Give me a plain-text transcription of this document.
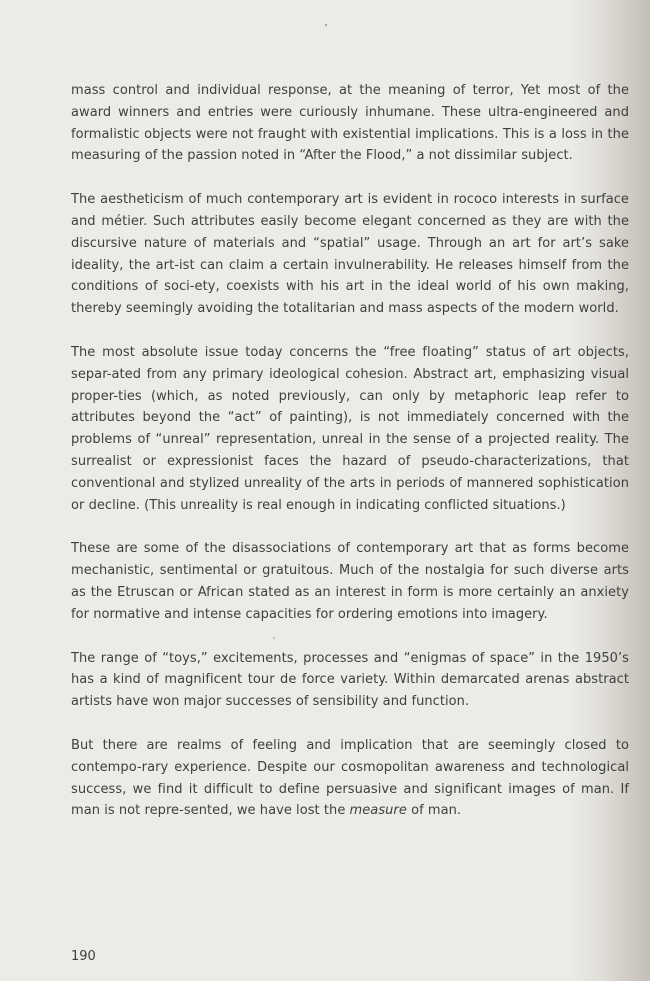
mass control and individual response, at the meaning of terror, Yet most of the award winners and entries were curiously inhumane. These ultra-engineered and formalistic objects were not fraught with existential implications. This is a loss in the measuring of the passion noted in “After the Flood,” a not dissimilar subject.

The aestheticism of much contemporary art is evident in rococo interests in surface and métier. Such attributes easily become elegant concerned as they are with the discursive nature of materials and “spatial” usage. Through an art for art’s sake ideality, the art-ist can claim a certain invulnerability. He releases himself from the conditions of soci-ety, coexists with his art in the ideal world of his own making, thereby seemingly avoiding the totalitarian and mass aspects of the modern world.

The most absolute issue today concerns the “free floating” status of art objects, separ-ated from any primary ideological cohesion. Abstract art, emphasizing visual proper-ties (which, as noted previously, can only by metaphoric leap refer to attributes beyond the “act” of painting), is not immediately concerned with the problems of “unreal” representation, unreal in the sense of a projected reality. The surrealist or expressionist faces the hazard of pseudo-characterizations, that conventional and stylized unreality of the arts in periods of mannered sophistication or decline. (This unreality is real enough in indicating conflicted situations.)

These are some of the disassociations of contemporary art that as forms become mechanistic, sentimental or gratuitous. Much of the nostalgia for such diverse arts as the Etruscan or African stated as an interest in form is more certainly an anxiety for normative and intense capacities for ordering emotions into imagery.

The range of “toys,” excitements, processes and “enigmas of space” in the 1950’s has a kind of magnificent tour de force variety. Within demarcated arenas abstract artists have won major successes of sensibility and function.

But there are realms of feeling and implication that are seemingly closed to contempo-rary experience. Despite our cosmopolitan awareness and technological success, we find it difficult to define persuasive and significant images of man. If man is not repre-sented, we have lost the measure of man.

190
